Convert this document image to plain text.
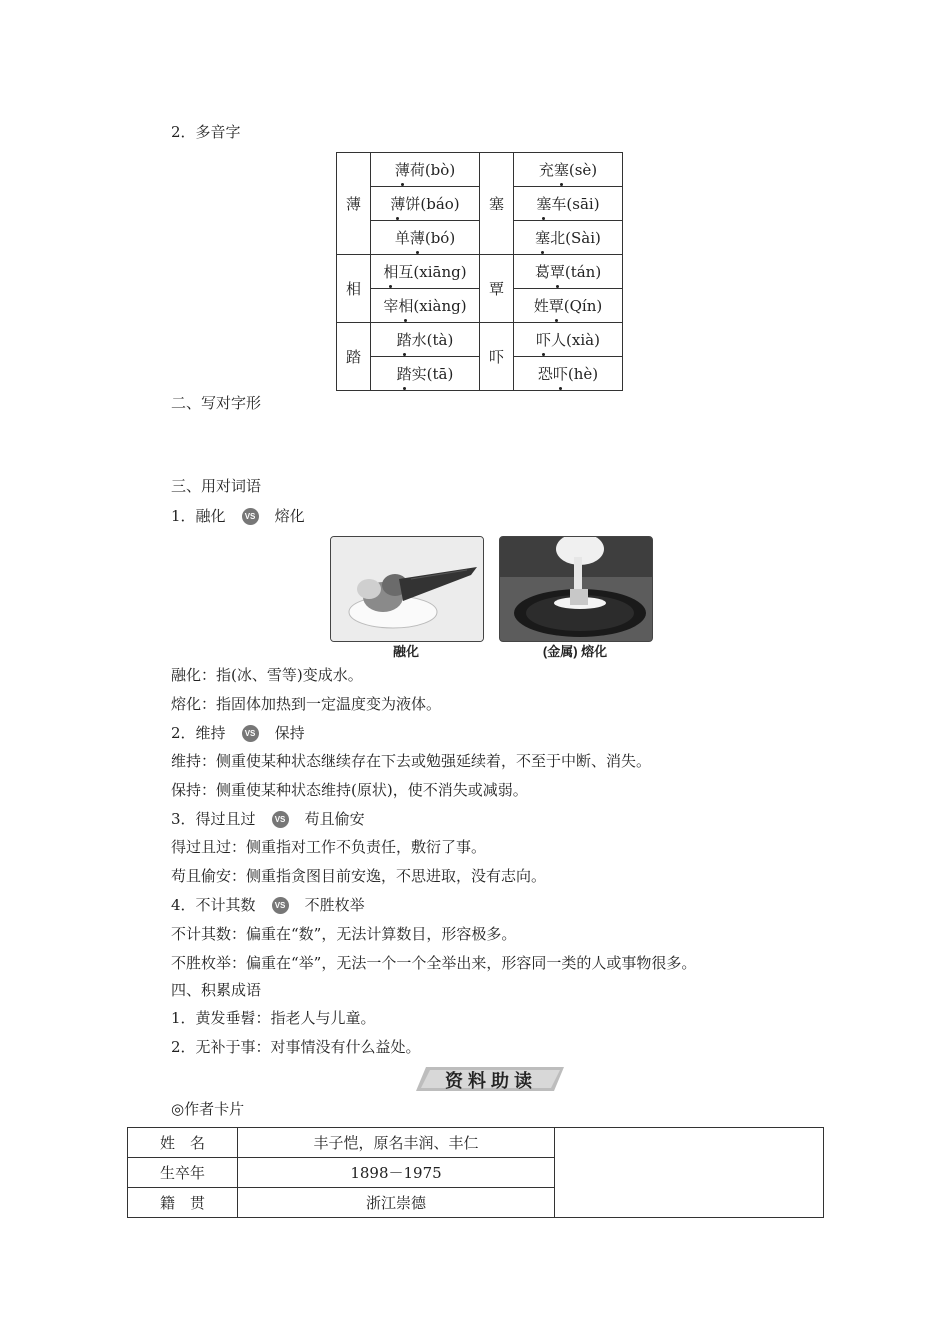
2．多音字
薄	薄荷(bò)	塞	充塞(sè)
	薄饼(báo)		塞车(sāi)
	单薄(bó)		塞北(Sài)
相	相互(xiāng)	覃	葛覃(tán)
	宰相(xiàng)		姓覃(Qín)
踏	踏水(tà)	吓	吓人(xià)
	踏实(tā)		恐吓(hè)
二、写对字形
三、用对词语
1．融化 VS 熔化
融化	(金属) 熔化
融化：指(冰、雪等)变成水。
熔化：指固体加热到一定温度变为液体。
2．维持 VS 保持
维持：侧重使某种状态继续存在下去或勉强延续着，不至于中断、消失。
保持：侧重使某种状态维持(原状)，使不消失或减弱。
3．得过且过 VS 苟且偷安
得过且过：侧重指对工作不负责任，敷衍了事。
苟且偷安：侧重指贪图目前安逸，不思进取，没有志向。
4．不计其数 VS 不胜枚举
不计其数：偏重在“数”，无法计算数目，形容极多。
不胜枚举：偏重在“举”，无法一个一个全举出来，形容同一类的人或事物很多。
四、积累成语
1．黄发垂髫：指老人与儿童。
2．无补于事：对事情没有什么益处。
资料助读
◎作者卡片
姓　名	丰子恺，原名丰润、丰仁	
生卒年	1898－1975	
籍　贯	浙江崇德	
